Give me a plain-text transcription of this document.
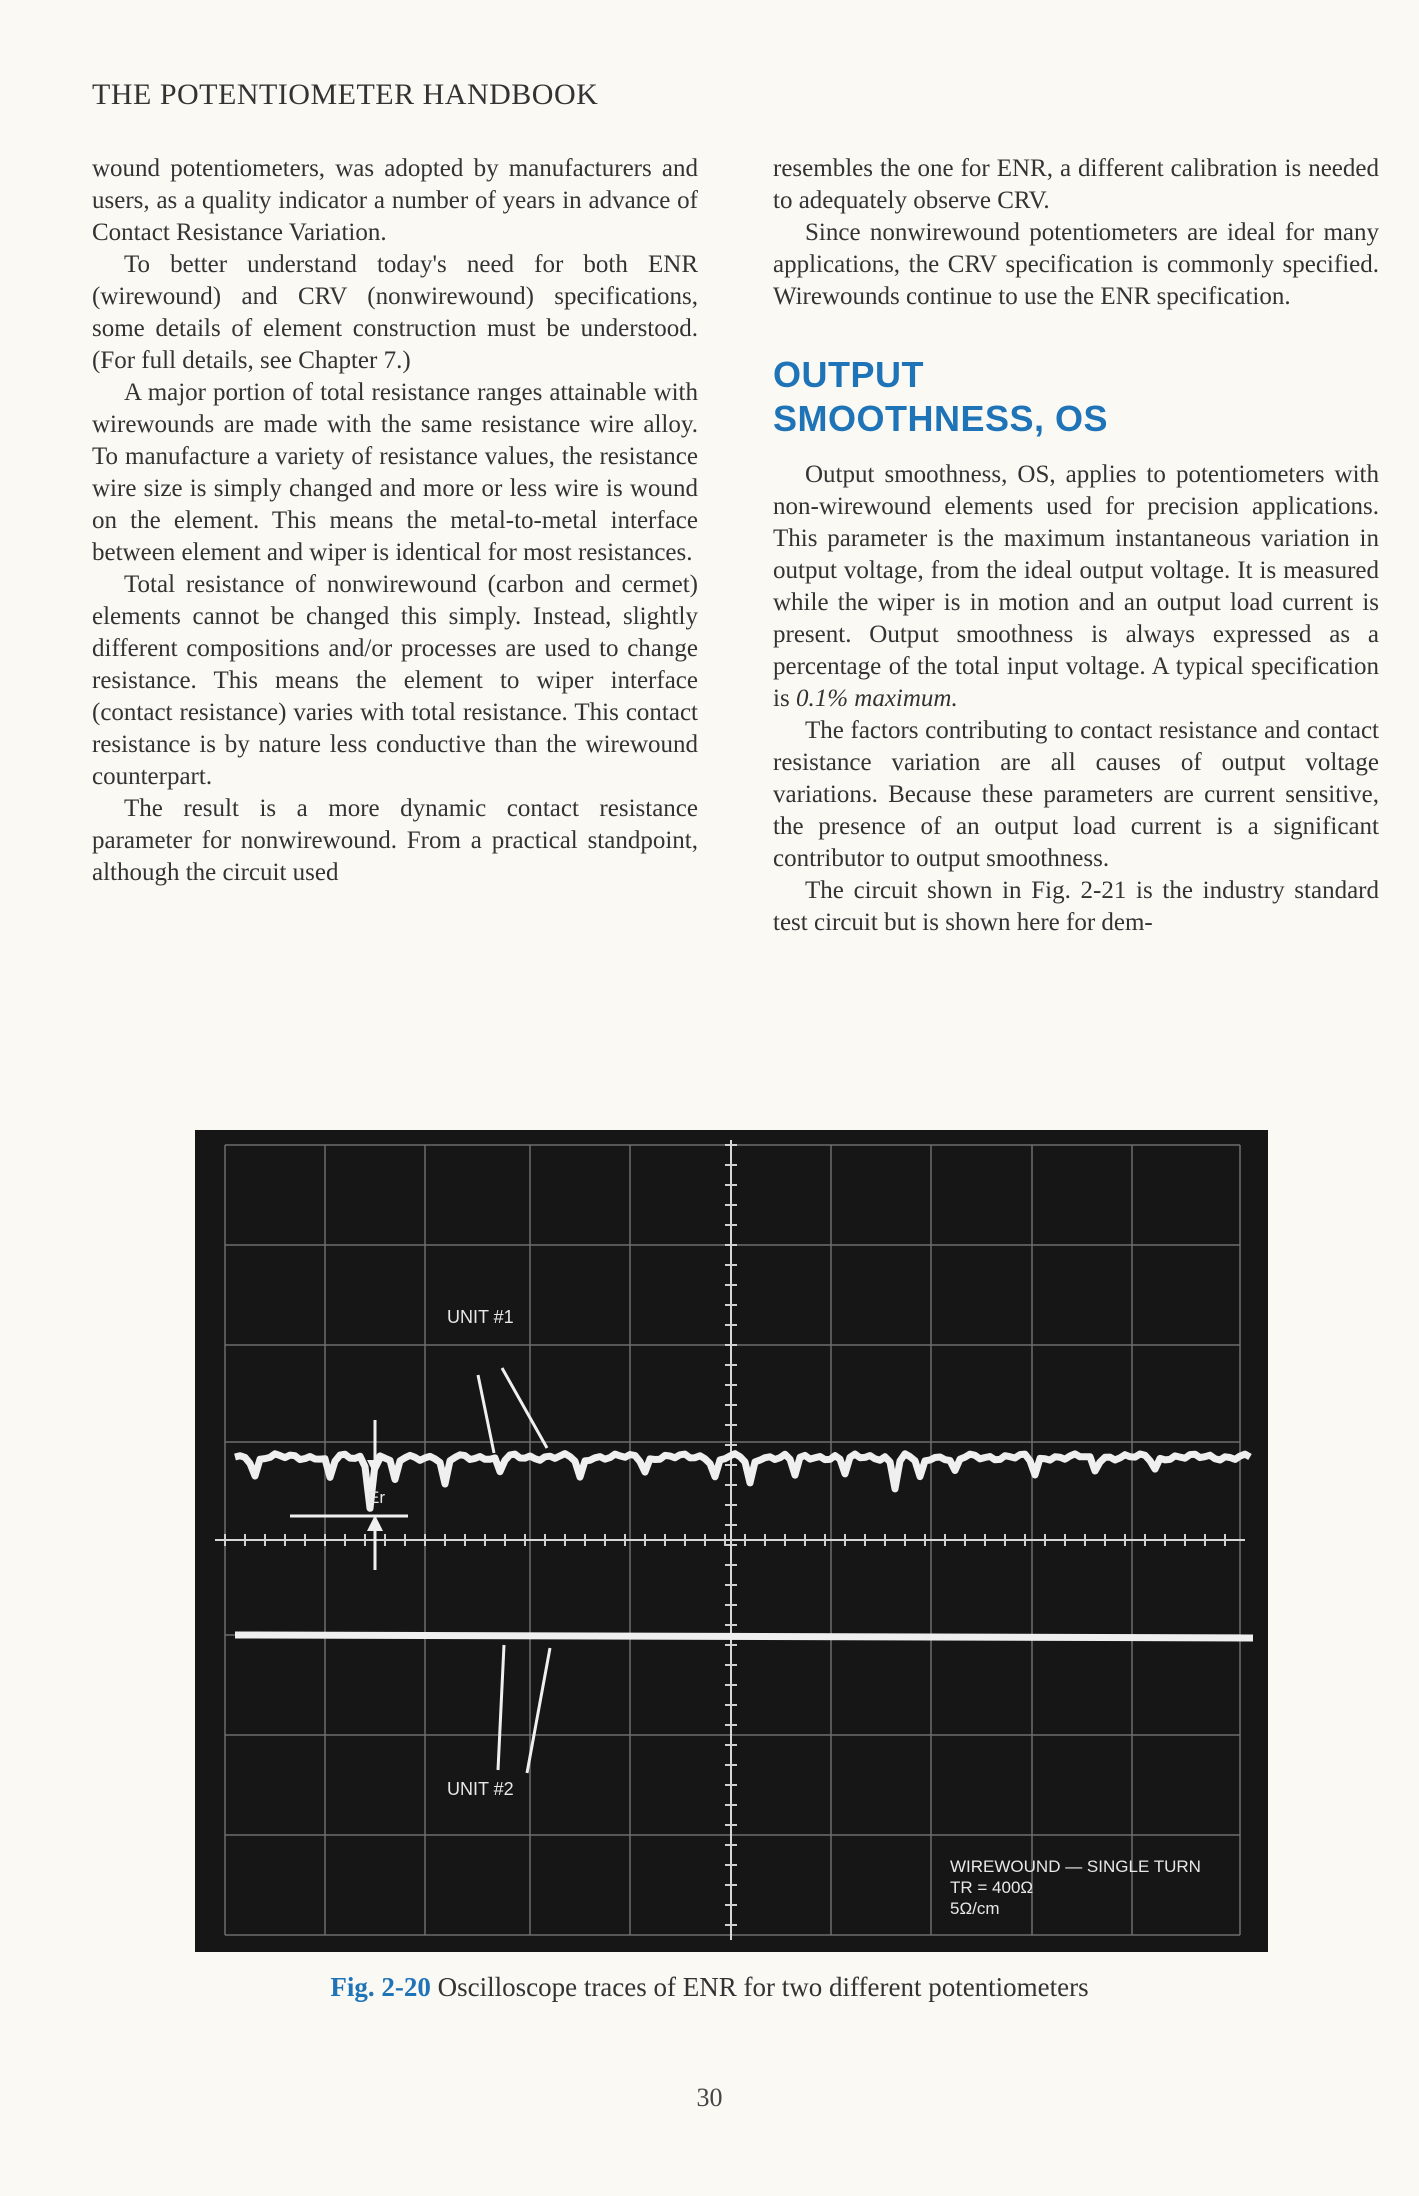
THE POTENTIOMETER HANDBOOK

wound potentiometers, was adopted by manufacturers and users, as a quality indicator a number of years in advance of Contact Resistance Variation.

To better understand today's need for both ENR (wirewound) and CRV (nonwirewound) specifications, some details of element construction must be understood. (For full details, see Chapter 7.)

A major portion of total resistance ranges attainable with wirewounds are made with the same resistance wire alloy. To manufacture a variety of resistance values, the resistance wire size is simply changed and more or less wire is wound on the element. This means the metal-to-metal interface between element and wiper is identical for most resistances.

Total resistance of nonwirewound (carbon and cermet) elements cannot be changed this simply. Instead, slightly different compositions and/or processes are used to change resistance. This means the element to wiper interface (contact resistance) varies with total resistance. This contact resistance is by nature less conductive than the wirewound counterpart.

The result is a more dynamic contact resistance parameter for nonwirewound. From a practical standpoint, although the circuit used

resembles the one for ENR, a different calibration is needed to adequately observe CRV.

Since nonwirewound potentiometers are ideal for many applications, the CRV specification is commonly specified. Wirewounds continue to use the ENR specification.

OUTPUT
SMOOTHNESS, OS

Output smoothness, OS, applies to potentiometers with non-wirewound elements used for precision applications. This parameter is the maximum instantaneous variation in output voltage, from the ideal output voltage. It is measured while the wiper is in motion and an output load current is present. Output smoothness is always expressed as a percentage of the total input voltage. A typical specification is 0.1% maximum.

The factors contributing to contact resistance and contact resistance variation are all causes of output voltage variations. Because these parameters are current sensitive, the presence of an output load current is a significant contributor to output smoothness.

The circuit shown in Fig. 2-21 is the industry standard test circuit but is shown here for dem-

UNIT #1
UNIT #2
Er
WIREWOUND — SINGLE TURN
TR = 400Ω
5Ω/cm
Fig. 2-20 Oscilloscope traces of ENR for two different potentiometers
30
